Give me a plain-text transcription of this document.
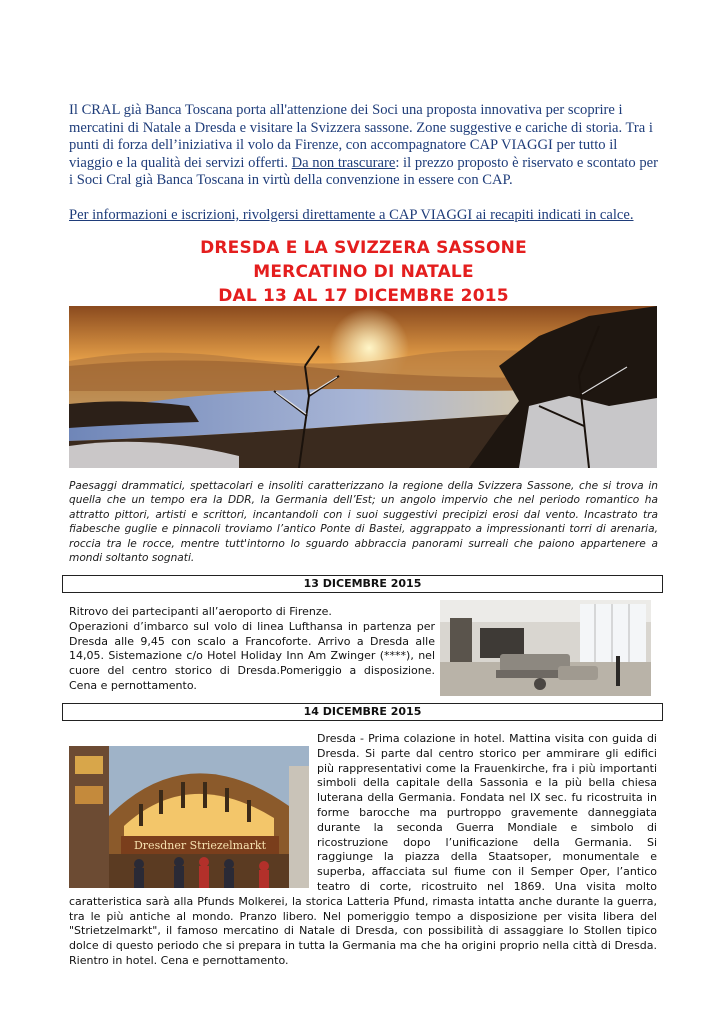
Il CRAL già Banca Toscana porta all'attenzione dei Soci una proposta innovativa per scoprire i mercatini di Natale a Dresda e visitare la Svizzera sassone. Zone suggestive e cariche di storia. Tra i punti di forza dell’iniziativa il volo da Firenze, con accompagnatore CAP VIAGGI per tutto il viaggio e la qualità dei servizi offerti. Da non trascurare: il prezzo proposto è riservato e scontato per i Soci Cral già Banca Toscana in virtù della convenzione in essere con CAP.

Per informazioni e iscrizioni, rivolgersi direttamente a CAP VIAGGI ai recapiti indicati in calce.
DRESDA E LA SVIZZERA SASSONE
MERCATINO DI NATALE
DAL 13 AL 17 DICEMBRE 2015
Paesaggi drammatici, spettacolari e insoliti caratterizzano la regione della Svizzera Sassone, che si trova in quella che un tempo era la DDR, la Germania dell’Est; un angolo impervio che nel periodo romantico ha attratto pittori, artisti e scrittori, incantandoli con i suoi suggestivi precipizi erosi dal vento. Incastrato tra fiabesche guglie e pinnacoli troviamo l’antico Ponte di Bastei, aggrappato a impressionanti torri di arenaria, roccia tra le rocce, mentre tutt'intorno lo sguardo abbraccia panorami surreali che paiono appartenere a mondi soltanto sognati.
13 DICEMBRE 2015

Ritrovo dei partecipanti all’aeroporto di Firenze.

Operazioni d’imbarco sul volo di linea Lufthansa in partenza per Dresda alle 9,45 con scalo a Francoforte. Arrivo a Dresda alle 14,05. Sistemazione c/o Hotel Holiday Inn Am Zwinger (****), nel cuore del centro storico di Dresda.Pomeriggio a disposizione. Cena e pernottamento.

14 DICEMBRE 2015
Dresdner Striezelmarkt

Dresda - Prima colazione in hotel. Mattina visita con guida di Dresda. Si parte dal centro storico per ammirare gli edifici più rappresentativi come la Frauenkirche, fra i più importanti simboli della capitale della Sassonia e la più bella chiesa luterana della Germania. Fondata nel IX sec. fu ricostruita in forme barocche ma purtroppo gravemente danneggiata durante la seconda Guerra Mondiale e simbolo di ricostruzione dopo l’unificazione della Germania. Si raggiunge la piazza della Staatsoper, monumentale e superba, affacciata sul fiume con il Semper Oper, l’antico teatro di corte, ricostruito nel 1869. Una visita molto caratteristica sarà alla Pfunds Molkerei, la storica Latteria Pfund, rimasta intatta anche durante la guerra, tra le più antiche al mondo. Pranzo libero. Nel pomeriggio tempo a disposizione per visita libera del "Strietzelmarkt", il famoso mercatino di Natale di Dresda, con possibilità di assaggiare lo Stollen tipico dolce di questo periodo che si prepara in tutta la Germania ma che ha origini proprio nella città di Dresda. Rientro in hotel. Cena e pernottamento.
